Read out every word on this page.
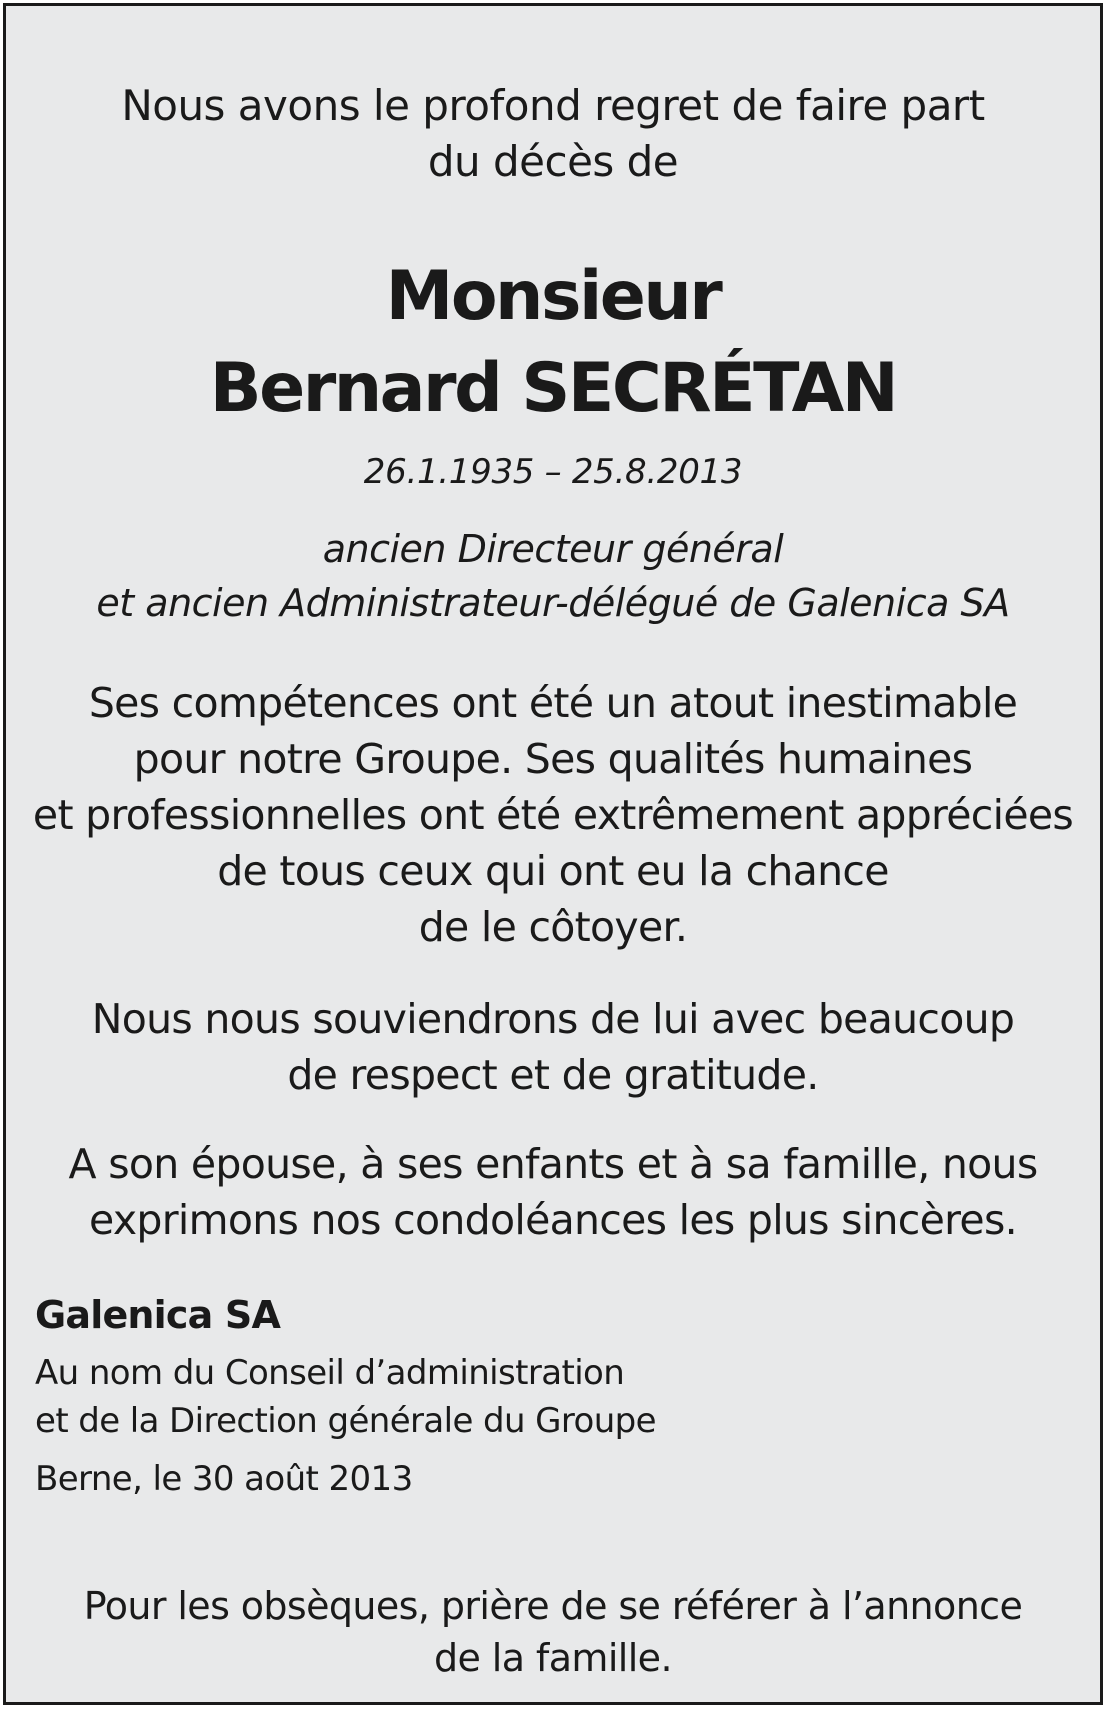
Nous avons le profond regret de faire part
du décès de
Monsieur
Bernard SECRÉTAN
26.1.1935 – 25.8.2013
ancien Directeur général
et ancien Administrateur-délégué de Galenica SA
Ses compétences ont été un atout inestimable
pour notre Groupe. Ses qualités humaines
et professionnelles ont été extrêmement appréciées
de tous ceux qui ont eu la chance
de le côtoyer.
Nous nous souviendrons de lui avec beaucoup
de respect et de gratitude.
A son épouse, à ses enfants et à sa famille, nous
exprimons nos condoléances les plus sincères.
Galenica SA
Au nom du Conseil d’administration
et de la Direction générale du Groupe
Berne, le 30 août 2013
Pour les obsèques, prière de se référer à l’annonce
de la famille.
